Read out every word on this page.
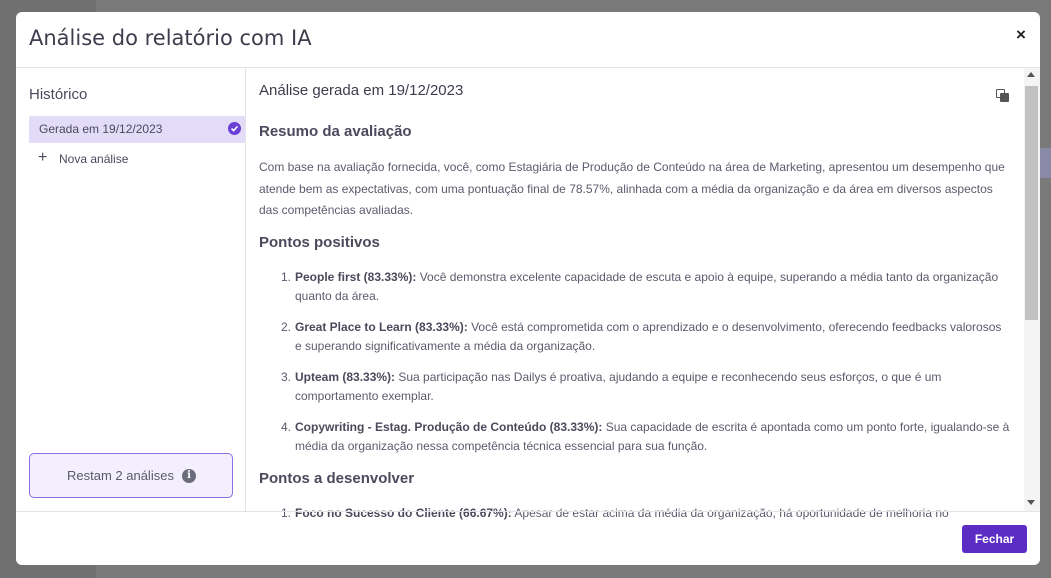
Análise do relatório com IA	×
Histórico
Gerada em 19/12/2023
+ Nova análise
Restam 2 análises	i
Análise gerada em 19/12/2023
Resumo da avaliação
Com base na avaliação fornecida, você, como Estagiária de Produção de Conteúdo na área de Marketing, apresentou um desempenho que atende bem as expectativas, com uma pontuação final de 78.57%, alinhada com a média da organização e da área em diversos aspectos das competências avaliadas.
Pontos positivos
1. People first (83.33%): Você demonstra excelente capacidade de escuta e apoio à equipe, superando a média tanto da organização quanto da área.
2. Great Place to Learn (83.33%): Você está comprometida com o aprendizado e o desenvolvimento, oferecendo feedbacks valorosos e superando significativamente a média da organização.
3. Upteam (83.33%): Sua participação nas Dailys é proativa, ajudando a equipe e reconhecendo seus esforços, o que é um comportamento exemplar.
4. Copywriting - Estag. Produção de Conteúdo (83.33%): Sua capacidade de escrita é apontada como um ponto forte, igualando-se à média da organização nessa competência técnica essencial para sua função.
Pontos a desenvolver
1. Foco no Sucesso do Cliente (66.67%): Apesar de estar acima da média da organização, há oportunidade de melhoria no
Fechar
